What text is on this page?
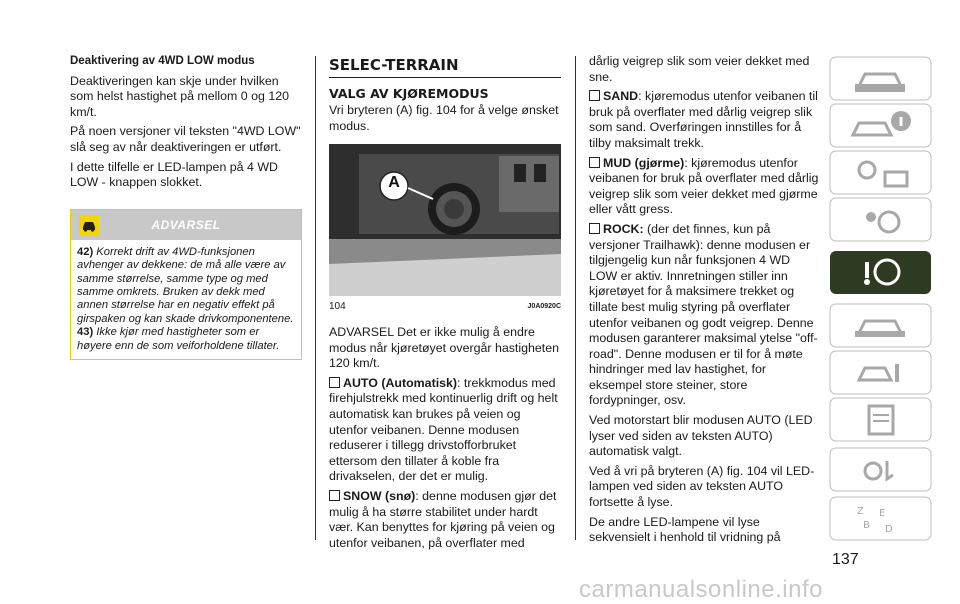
Deaktivering av 4WD LOW modus

Deaktiveringen kan skje under hvilken som helst hastighet på mellom 0 og 120 km/t.

På noen versjoner vil teksten "4WD LOW" slå seg av når deaktiveringen er utført.

I dette tilfelle er LED-lampen på 4 WD LOW - knappen slokket.

ADVARSEL
42) Korrekt drift av 4WD-funksjonen avhenger av dekkene: de må alle være av samme størrelse, samme type og med samme omkrets. Bruken av dekk med annen størrelse har en negativ effekt på girspaken og kan skade drivkomponentene.
43) Ikke kjør med hastigheter som er høyere enn de som veiforholdene tillater.
SELEC-TERRAIN
VALG AV KJØREMODUS

Vri bryteren (A) fig. 104 for å velge ønsket modus.

A
104	J0A0920C

ADVARSEL Det er ikke mulig å endre modus når kjøretøyet overgår hastigheten 120 km/t.

AUTO (Automatisk): trekkmodus med firehjulstrekk med kontinuerlig drift og helt automatisk kan brukes på veien og utenfor veibanen. Denne modusen reduserer i tillegg drivstofforbruket ettersom den tillater å koble fra drivakselen, der det er mulig.

SNOW (snø): denne modusen gjør det mulig å ha større stabilitet under hardt vær. Kan benyttes for kjøring på veien og utenfor veibanen, på overflater med

dårlig veigrep slik som veier dekket med sne.

SAND: kjøremodus utenfor veibanen til bruk på overflater med dårlig veigrep slik som sand. Overføringen innstilles for å tilby maksimalt trekk.

MUD (gjørme): kjøremodus utenfor veibanen for bruk på overflater med dårlig veigrep slik som veier dekket med gjørme eller vått gress.

ROCK: (der det finnes, kun på versjoner Trailhawk): denne modusen er tilgjengelig kun når funksjonen 4 WD LOW er aktiv. Innretningen stiller inn kjøretøyet for å maksimere trekket og tillate best mulig styring på overflater utenfor veibanen og godt veigrep. Denne modusen garanterer maksimal ytelse "off-road". Denne modusen er til for å møte hindringer med lav hastighet, for eksempel store steiner, store fordypninger, osv.

Ved motorstart blir modusen AUTO (LED lyser ved siden av teksten AUTO) automatisk valgt.

Ved å vri på bryteren (A) fig. 104 vil LED-lampen ved siden av teksten AUTO fortsette å lyse.

De andre LED-lampene vil lyse sekvensielt i henhold til vridning på

Z E
B D
137
carmanualsonline.info
